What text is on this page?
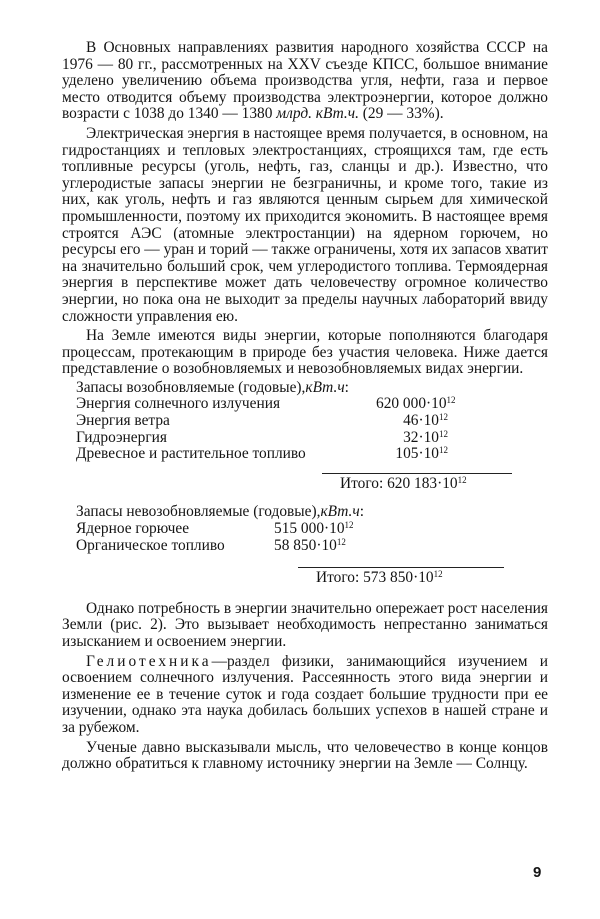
В Основных направлениях развития народного хозяйства СССР на 1976 — 80 гг., рассмотренных на XXV съезде КПСС, большое внимание уделено увеличению объема производства угля, нефти, газа и первое место отводится объему производства электроэнергии, которое должно возрасти с 1038 до 1340 — 1380 млрд. кВт.ч. (29 — 33%).

Электрическая энергия в настоящее время получается, в основном, на гидростанциях и тепловых электростанциях, строящихся там, где есть топливные ресурсы (уголь, нефть, газ, сланцы и др.). Известно, что углеродистые запасы энергии не безграничны, и кроме того, такие из них, как уголь, нефть и газ являются ценным сырьем для химической промышленности, поэтому их приходится экономить. В настоящее время строятся АЭС (атомные электростанции) на ядерном горючем, но ресурсы его — уран и торий — также ограничены, хотя их запасов хватит на значительно больший срок, чем углеродистого топлива. Термоядерная энергия в перспективе может дать человечеству огромное количество энергии, но пока она не выходит за пределы научных лабораторий ввиду сложности управления ею.

На Земле имеются виды энергии, которые пополняются благодаря процессам, протекающим в природе без участия человека. Ниже дается представление о возобновляемых и невозобновляемых видах энергии.

Запасы возобновляемые (годовые), кВт.ч :
Энергия солнечного излучения	620 $000\cdot 10^{12}$
Энергия ветра	$46\cdot 10^{12}$
Гидроэнергия	$32\cdot 10^{12}$
Древесное и растительное топливо	$105\cdot 10^{12}$
Итого: 620 $183\cdot 10^{12}$
Запасы невозобновляемые (годовые), кВт.ч :
Ядерное горючее	515 $000\cdot 10^{12}$
Органическое топливо	58 $850\cdot 10^{12}$
Итого: 573 $850\cdot 10^{12}$

Однако потребность в энергии значительно опережает рост населения Земли (рис. 2). Это вызывает необходимость непрестанно заниматься изысканием и освоением энергии.

Гелиотехника—раздел физики, занимающийся изучением и освоением солнечного излучения. Рассеянность этого вида энергии и изменение ее в течение суток и года создает большие трудности при ее изучении, однако эта наука добилась больших успехов в нашей стране и за рубежом.

Ученые давно высказывали мысль, что человечество в конце концов должно обратиться к главному источнику энергии на Земле — Солнцу.

9
